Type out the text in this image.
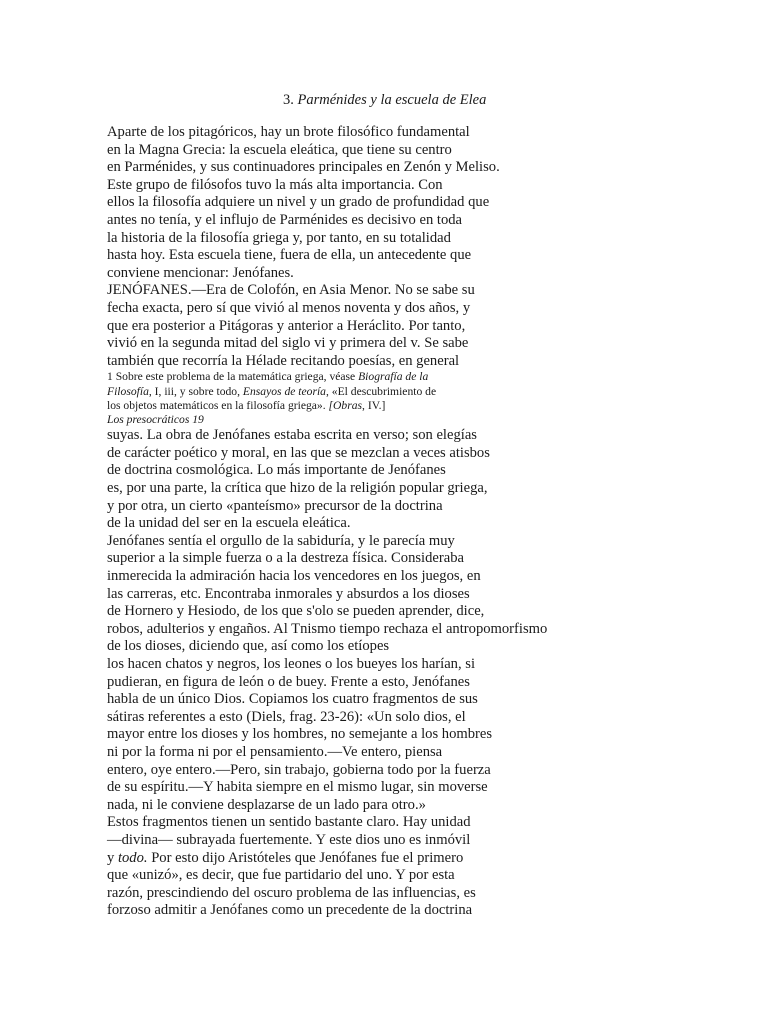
3. Parménides y la escuela de Elea
Aparte de los pitagóricos, hay un brote filosófico fundamental
en la Magna Grecia: la escuela eleática, que tiene su centro
en Parménides, y sus continuadores principales en Zenón y Meliso.
Este grupo de filósofos tuvo la más alta importancia. Con
ellos la filosofía adquiere un nivel y un grado de profundidad que
antes no tenía, y el influjo de Parménides es decisivo en toda
la historia de la filosofía griega y, por tanto, en su totalidad
hasta hoy. Esta escuela tiene, fuera de ella, un antecedente que
conviene mencionar: Jenófanes.
JENÓFANES.—Era de Colofón, en Asia Menor. No se sabe su
fecha exacta, pero sí que vivió al menos noventa y dos años, y
que era posterior a Pitágoras y anterior a Heráclito. Por tanto,
vivió en la segunda mitad del siglo vi y primera del v. Se sabe
también que recorría la Hélade recitando poesías, en general
1 Sobre este problema de la matemática griega, véase Biografía de la
Filosofía, I, iii, y sobre todo, Ensayos de teoría, «El descubrimiento de
los objetos matemáticos en la filosofía griega». [Obras, IV.]
Los presocráticos 19
suyas. La obra de Jenófanes estaba escrita en verso; son elegías
de carácter poético y moral, en las que se mezclan a veces atisbos
de doctrina cosmológica. Lo más importante de Jenófanes
es, por una parte, la crítica que hizo de la religión popular griega,
y por otra, un cierto «panteísmo» precursor de la doctrina
de la unidad del ser en la escuela eleática.
Jenófanes sentía el orgullo de la sabiduría, y le parecía muy
superior a la simple fuerza o a la destreza física. Consideraba
inmerecida la admiración hacia los vencedores en los juegos, en
las carreras, etc. Encontraba inmorales y absurdos a los dioses
de Hornero y Hesiodo, de los que s'olo se pueden aprender, dice,
robos, adulterios y engaños. Al Tnismo tiempo rechaza el antropomorfismo
de los dioses, diciendo que, así como los etíopes
los hacen chatos y negros, los leones o los bueyes los harían, si
pudieran, en figura de león o de buey. Frente a esto, Jenófanes
habla de un único Dios. Copiamos los cuatro fragmentos de sus
sátiras referentes a esto (Diels, frag. 23-26): «Un solo dios, el
mayor entre los dioses y los hombres, no semejante a los hombres
ni por la forma ni por el pensamiento.—Ve entero, piensa
entero, oye entero.—Pero, sin trabajo, gobierna todo por la fuerza
de su espíritu.—Y habita siempre en el mismo lugar, sin moverse
nada, ni le conviene desplazarse de un lado para otro.»
Estos fragmentos tienen un sentido bastante claro. Hay unidad
—divina— subrayada fuertemente. Y este dios uno es inmóvil
y todo. Por esto dijo Aristóteles que Jenófanes fue el primero
que «unizó», es decir, que fue partidario del uno. Y por esta
razón, prescindiendo del oscuro problema de las influencias, es
forzoso admitir a Jenófanes como un precedente de la doctrina
